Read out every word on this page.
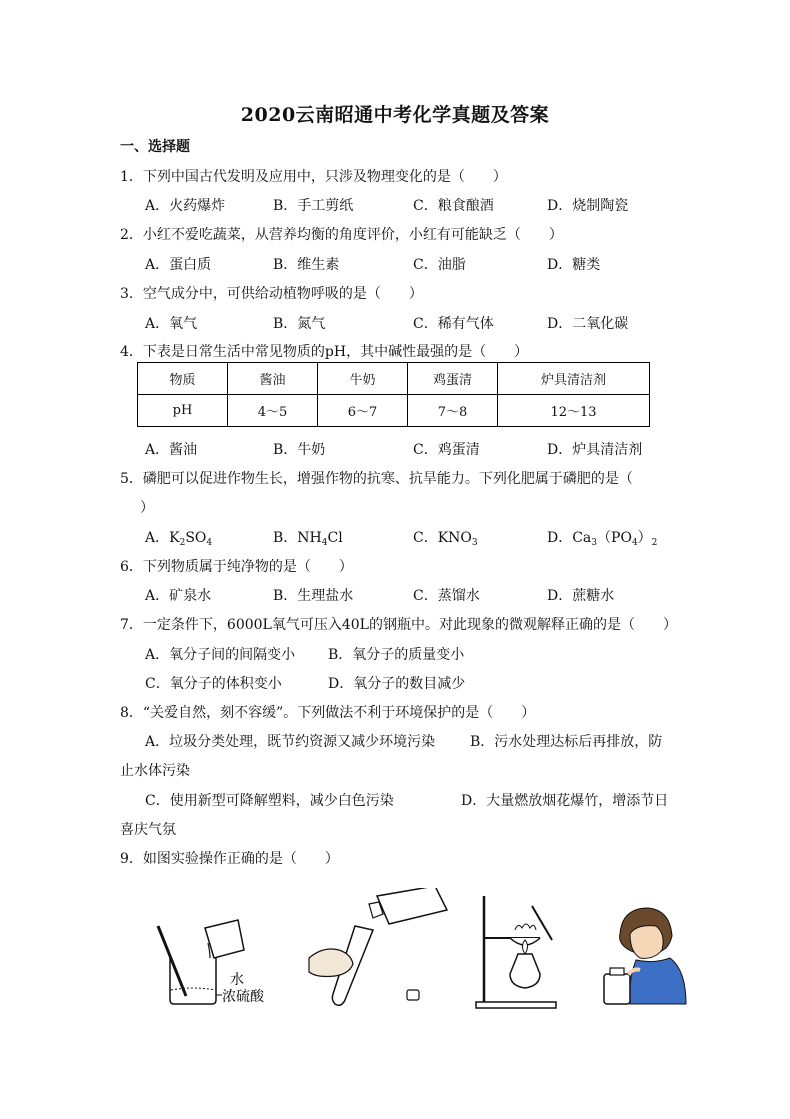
2020云南昭通中考化学真题及答案
一、选择题
1．下列中国古代发明及应用中，只涉及物理变化的是（　　）
A．火药爆炸	B．手工剪纸	C．粮食酿酒	D．烧制陶瓷
2．小红不爱吃蔬菜，从营养均衡的角度评价，小红有可能缺乏（　　）
A．蛋白质	B．维生素	C．油脂	D．糖类
3．空气成分中，可供给动植物呼吸的是（　　）
A．氧气	B．氮气	C．稀有气体	D．二氧化碳
4．下表是日常生活中常见物质的pH，其中碱性最强的是（　　）
物质	酱油	牛奶	鸡蛋清	炉具清洁剂
pH	4～5	6～7	7～8	12～13
A．酱油	B．牛奶	C．鸡蛋清	D．炉具清洁剂
5．磷肥可以促进作物生长，增强作物的抗寒、抗旱能力。下列化肥属于磷肥的是（
）
A．$K_2SO_4$	B．$NH_4Cl$	C．$KNO_3$	D．$Ca_3(PO_4)_2$
6．下列物质属于纯净物的是（　　）
A．矿泉水	B．生理盐水	C．蒸馏水	D．蔗糖水
7．一定条件下，6000L氧气可压入40L的钢瓶中。对此现象的微观解释正确的是（　　）
A．氧分子间的间隔变小 B．氧分子的质量变小
C．氧分子的体积变小	D．氧分子的数目减少
8．“关爱自然，刻不容缓”。下列做法不利于环境保护的是（　　）
A．垃圾分类处理，既节约资源又减少环境污染 B．污水处理达标后再排放，防
止水体污染
C．使用新型可降解塑料，减少白色污染	D．大量燃放烟花爆竹，增添节日
喜庆气氛
9．如图实验操作正确的是（　　）
水
浓硫酸
